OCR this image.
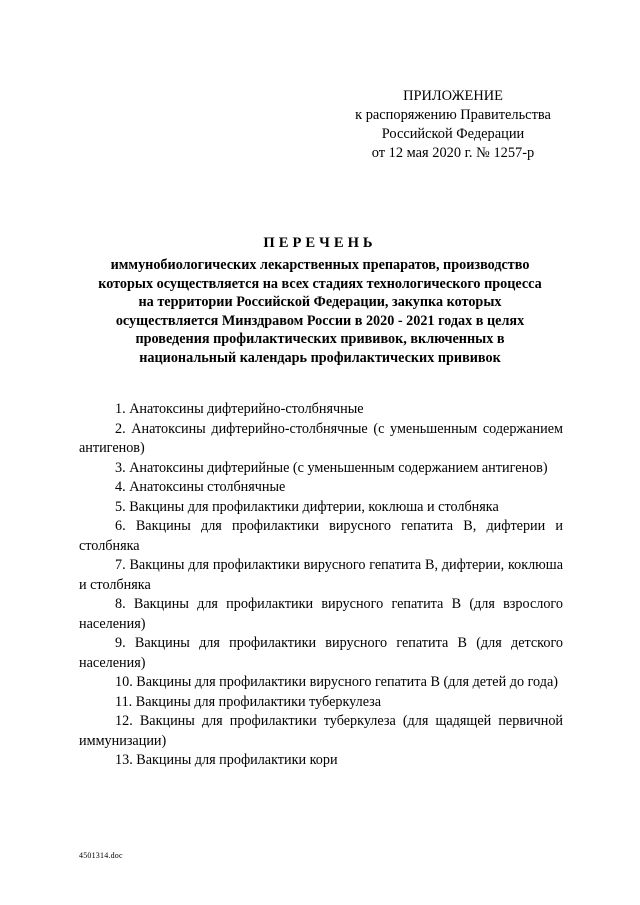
ПРИЛОЖЕНИЕ
к распоряжению Правительства
Российской Федерации
от 12 мая 2020 г. № 1257-р
ПЕРЕЧЕНЬ
иммунобиологических лекарственных препаратов, производство
которых осуществляется на всех стадиях технологического процесса
на территории Российской Федерации, закупка которых
осуществляется Минздравом России в 2020 - 2021 годах в целях
проведения профилактических прививок, включенных в
национальный календарь профилактических прививок

1. Анатоксины дифтерийно-столбнячные

2. Анатоксины дифтерийно-столбнячные (с уменьшенным содержанием антигенов)

3. Анатоксины дифтерийные (с уменьшенным содержанием антигенов)

4. Анатоксины столбнячные

5. Вакцины для профилактики дифтерии, коклюша и столбняка

6. Вакцины для профилактики вирусного гепатита В, дифтерии и столбняка

7. Вакцины для профилактики вирусного гепатита В, дифтерии, коклюша и столбняка

8. Вакцины для профилактики вирусного гепатита В (для взрослого населения)

9. Вакцины для профилактики вирусного гепатита В (для детского населения)

10. Вакцины для профилактики вирусного гепатита В (для детей до года)

11. Вакцины для профилактики туберкулеза

12. Вакцины для профилактики туберкулеза (для щадящей первичной иммунизации)

13. Вакцины для профилактики кори

4501314.doc
